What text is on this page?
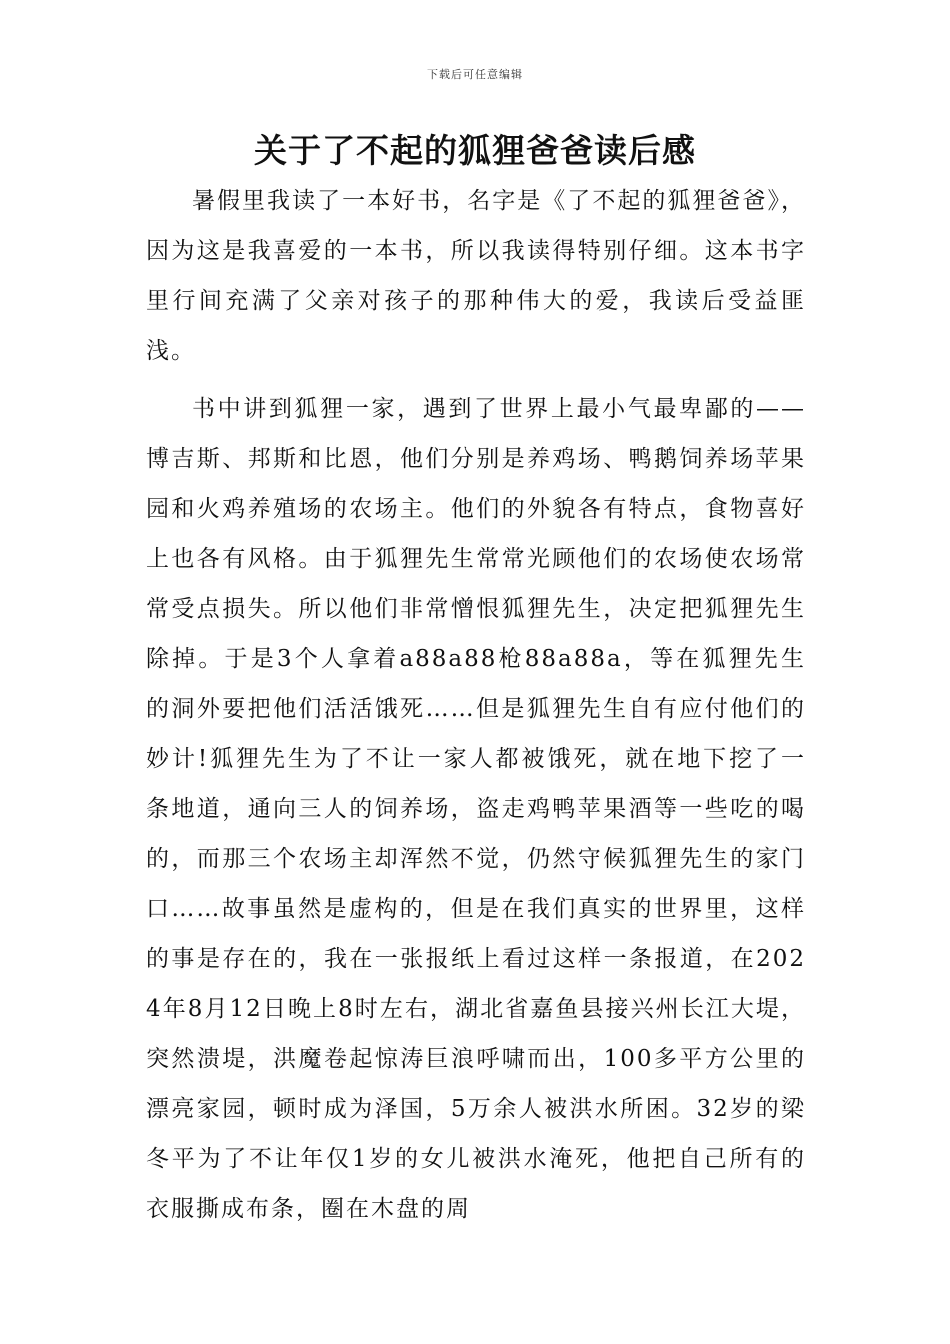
下载后可任意编辑
关于了不起的狐狸爸爸读后感

暑假里我读了一本好书，名字是《了不起的狐狸爸爸》，因为这是我喜爱的一本书，所以我读得特别仔细。这本书字里行间充满了父亲对孩子的那种伟大的爱，我读后受益匪浅。

书中讲到狐狸一家，遇到了世界上最小气最卑鄙的——博吉斯、邦斯和比恩，他们分别是养鸡场、鸭鹅饲养场苹果园和火鸡养殖场的农场主。他们的外貌各有特点，食物喜好上也各有风格。由于狐狸先生常常光顾他们的农场使农场常常受点损失。所以他们非常憎恨狐狸先生，决定把狐狸先生除掉。于是3个人拿着a88a88枪88a88a，等在狐狸先生的洞外要把他们活活饿死……但是狐狸先生自有应付他们的妙计!狐狸先生为了不让一家人都被饿死，就在地下挖了一条地道，通向三人的饲养场，盗走鸡鸭苹果酒等一些吃的喝的，而那三个农场主却浑然不觉，仍然守候狐狸先生的家门口……故事虽然是虚构的，但是在我们真实的世界里，这样的事是存在的，我在一张报纸上看过这样一条报道，在2024年8月12日晚上8时左右，湖北省嘉鱼县接兴州长江大堤，突然溃堤，洪魔卷起惊涛巨浪呼啸而出，100多平方公里的漂亮家园，顿时成为泽国，5万余人被洪水所困。32岁的梁冬平为了不让年仅1岁的女儿被洪水淹死，他把自己所有的衣服撕成布条，圈在木盘的周
